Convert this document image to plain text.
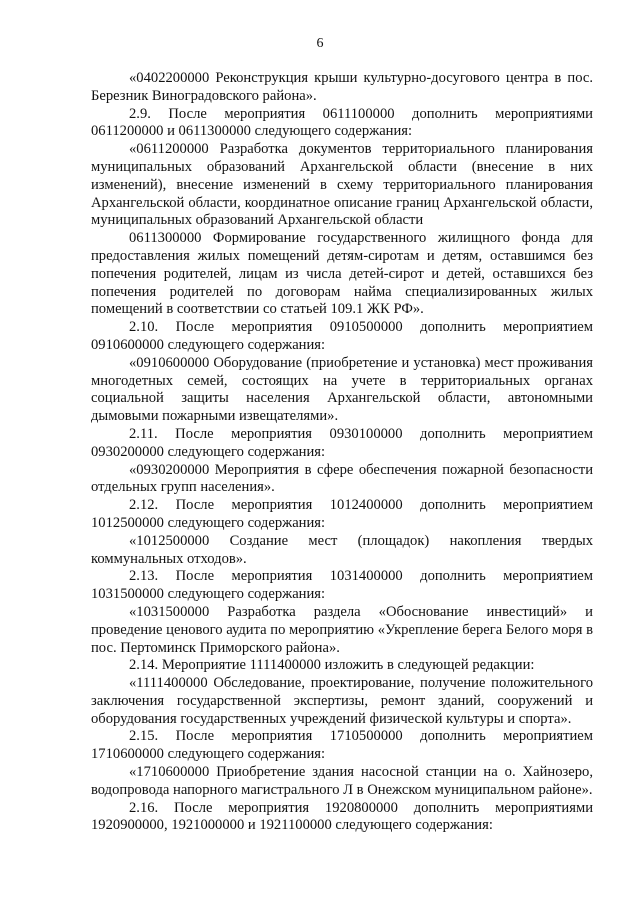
6

«0402200000 Реконструкция крыши культурно-досугового центра в пос. Березник Виноградовского района».

2.9. После мероприятия 0611100000 дополнить мероприятиями 0611200000 и 0611300000 следующего содержания:

«0611200000 Разработка документов территориального планирования муниципальных образований Архангельской области (внесение в них изменений), внесение изменений в схему территориального планирования Архангельской области, координатное описание границ Архангельской области, муниципальных образований Архангельской области

0611300000 Формирование государственного жилищного фонда для предоставления жилых помещений детям-сиротам и детям, оставшимся без попечения родителей, лицам из числа детей-сирот и детей, оставшихся без попечения родителей по договорам найма специализированных жилых помещений в соответствии со статьей 109.1 ЖК РФ».

2.10. После мероприятия 0910500000 дополнить мероприятием 0910600000 следующего содержания:

«0910600000 Оборудование (приобретение и установка) мест проживания многодетных семей, состоящих на учете в территориальных органах социальной защиты населения Архангельской области, автономными дымовыми пожарными извещателями».

2.11. После мероприятия 0930100000 дополнить мероприятием 0930200000 следующего содержания:

«0930200000 Мероприятия в сфере обеспечения пожарной безопасности отдельных групп населения».

2.12. После мероприятия 1012400000 дополнить мероприятием 1012500000 следующего содержания:

«1012500000 Создание мест (площадок) накопления твердых коммунальных отходов».

2.13. После мероприятия 1031400000 дополнить мероприятием 1031500000 следующего содержания:

«1031500000 Разработка раздела «Обоснование инвестиций» и проведение ценового аудита по мероприятию «Укрепление берега Белого моря в пос. Пертоминск Приморского района».

2.14. Мероприятие 1111400000 изложить в следующей редакции:

«1111400000 Обследование, проектирование, получение положительного заключения государственной экспертизы, ремонт зданий, сооружений и оборудования государственных учреждений физической культуры и спорта».

2.15. После мероприятия 1710500000 дополнить мероприятием 1710600000 следующего содержания:

«1710600000 Приобретение здания насосной станции на о. Хайнозеро, водопровода напорного магистрального Л в Онежском муниципальном районе».

2.16. После мероприятия 1920800000 дополнить мероприятиями 1920900000, 1921000000 и 1921100000 следующего содержания:
